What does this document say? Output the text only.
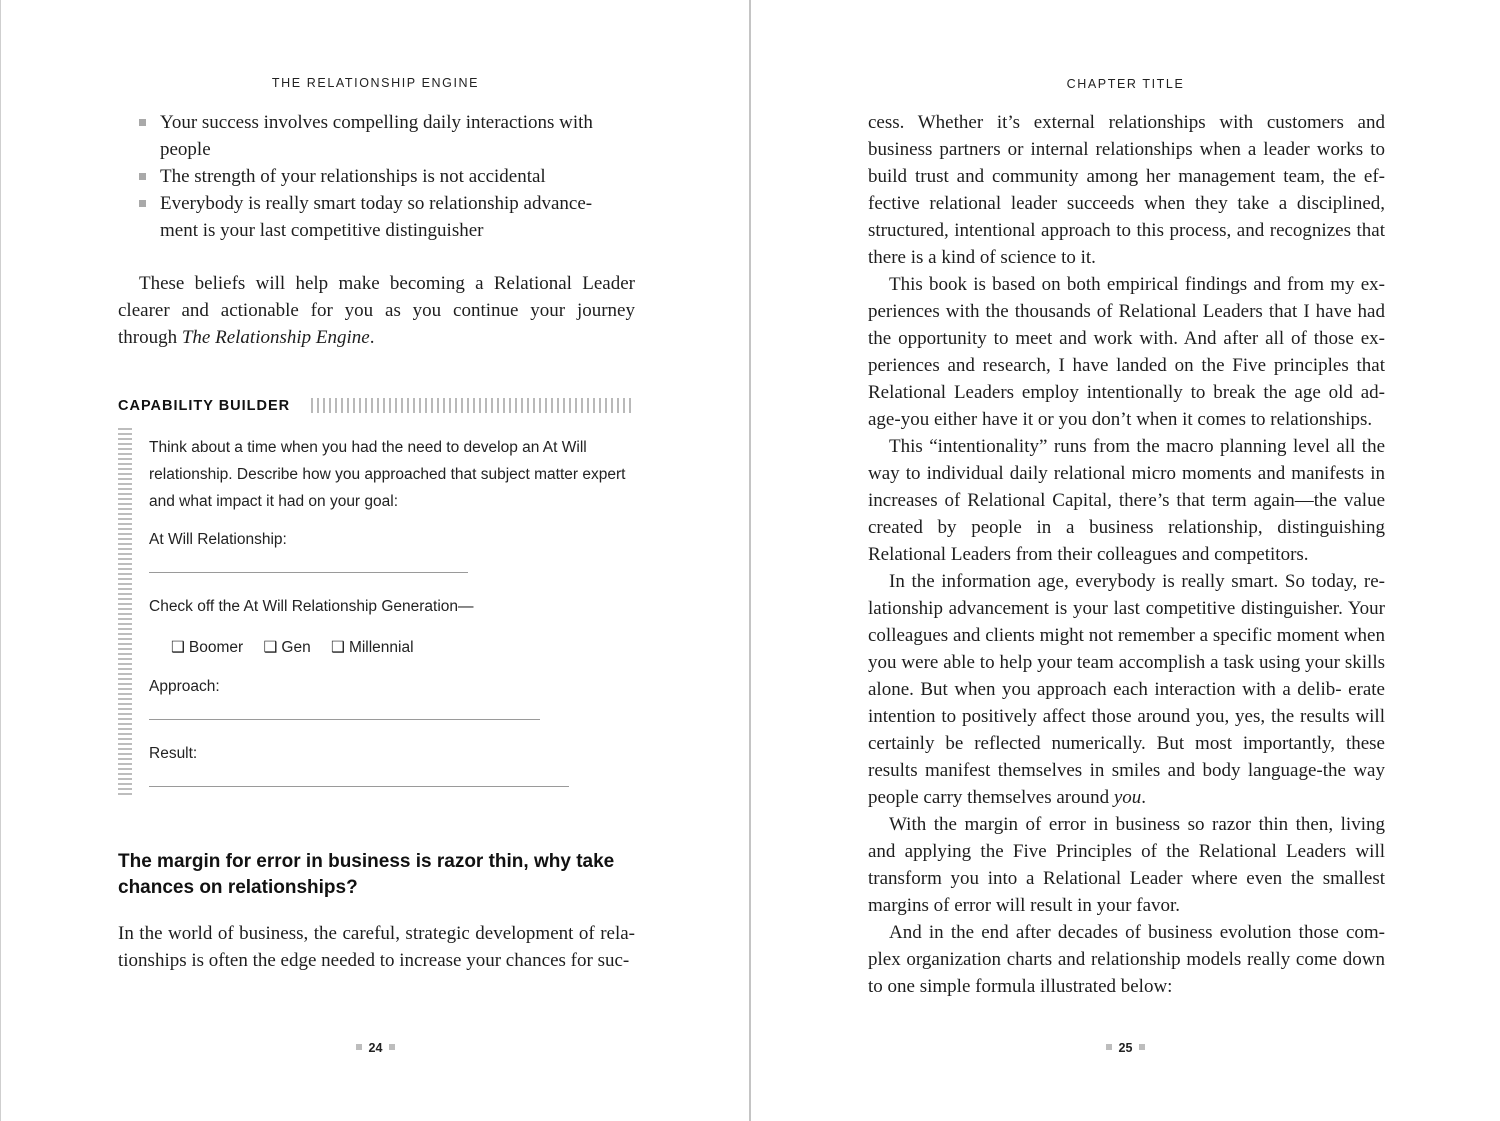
THE RELATIONSHIP ENGINE
Your success involves compelling daily interactions with people
The strength of your relationships is not accidental
Everybody is really smart today so relationship advance- ment is your last competitive distinguisher

These beliefs will help make becoming a Relational Leader clearer and actionable for you as you continue your journey through The Relationship Engine.

CAPABILITY BUILDER
Think about a time when you had the need to develop an At Will relationship. Describe how you approached that subject matter expert and what impact it had on your goal:
At Will Relationship:
Check off the At Will Relationship Generation—
❑ Boomer ❑ Gen ❑ Millennial
Approach:
Result:
The margin for error in business is razor thin, why take chances on relationships?
In the world of business, the careful, strategic development of rela- tionships is often the edge needed to increase your chances for suc-
24
CHAPTER TITLE

cess. Whether it’s external relationships with customers and business partners or internal relationships when a leader works to build trust and community among her management team, the ef- fective relational leader succeeds when they take a disciplined, structured, intentional approach to this process, and recognizes that there is a kind of science to it.

This book is based on both empirical findings and from my ex- periences with the thousands of Relational Leaders that I have had the opportunity to meet and work with. And after all of those ex- periences and research, I have landed on the Five principles that Relational Leaders employ intentionally to break the age old ad- age-you either have it or you don’t when it comes to relationships.

This “intentionality” runs from the macro planning level all the way to individual daily relational micro moments and manifests in increases of Relational Capital, there’s that term again—the value created by people in a business relationship, distinguishing Relational Leaders from their colleagues and competitors.

In the information age, everybody is really smart. So today, re- lationship advancement is your last competitive distinguisher. Your colleagues and clients might not remember a specific moment when you were able to help your team accomplish a task using your skills alone. But when you approach each interaction with a delib- erate intention to positively affect those around you, yes, the results will certainly be reflected numerically. But most importantly, these results manifest themselves in smiles and body language-the way people carry themselves around you.

With the margin of error in business so razor thin then, living and applying the Five Principles of the Relational Leaders will transform you into a Relational Leader where even the smallest margins of error will result in your favor.

And in the end after decades of business evolution those com- plex organization charts and relationship models really come down to one simple formula illustrated below:

25
